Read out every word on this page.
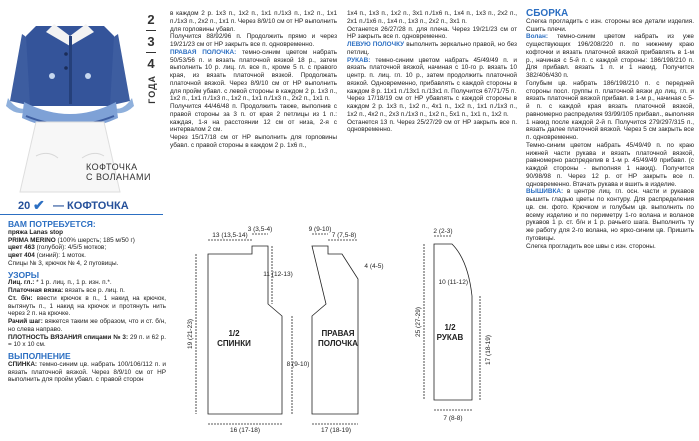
2
3
4
ГОДА
КОФТОЧКА
С ВОЛАНАМИ
20 ✔ — КОФТОЧКА
ВАМ ПОТРЕБУЕТСЯ:

пряжа Lanas stop

PRIMA MERINO (100% шерсть; 185 м/50 г)

цвет 463 (голубой): 4/5/5 мотков;

цвет 404 (синий): 1 моток.

Спицы № 3, крючок № 4, 2 пуговицы.

УЗОРЫ

Лиц. гл.: * 1 р. лиц. п., 1 р. изн. п.*.

Платочная вязка: вязать все р. лиц. п.

Ст. б/н: ввести крючок в п., 1 накид на крючок, вытянуть п., 1 накид на крючок и протянуть нить через 2 п. на крючке.

Рачий шаг: вяжется таким же образом, что и ст. б/н, но слева направо.

ПЛОТНОСТЬ ВЯЗАНИЯ спицами № 3: 29 п. и 62 р. = 10 х 10 см.

ВЫПОЛНЕНИЕ

СПИНКА: темно-синим цв. набрать 100/106/112 п. и вязать платочной вязкой. Через 8/9/10 см от НР выполнить для пройм убавл. с правой сторон

в каждом 2 р. 1х3 п., 1х2 п., 1х1 п./1х3 п., 1х2 п., 1х1 п./1х3 п., 2х2 п., 1х1 п. Через 8/9/10 см от НР выполнить для горловины убавл.

Получится 88/92/96 п. Продолжить прямо и через 19/21/23 см от НР закрыть все п. одновременно.

ПРАВАЯ ПОЛОЧКА: темно-синим цветом набрать 50/53/56 п. и вязать платочной вязкой 18 р., затем выполнить 10 р. лиц. гл. все п., кроме 5 п. с правого края, из вязать платочной вязкой. Продолжать платочной вязкой. Через 8/9/10 см от НР выполнить для пройм убавл. с левой стороны в каждом 2 р. 1х3 п., 1х2 п., 1х1 п./1х3 п., 1х2 п., 1х1 п./1х3 п., 2х2 п., 1х1 п.

Получится 44/46/48 п. Продолжить также, выполнив с правой стороны за 3 п. от края 2 петлицы из 1 п.: каждая, 1-я на расстоянии 12 см от низа, 2-я с интервалом 2 см.

Через 15/17/18 см от НР выполнить для горловины убавл. с правой стороны в каждом 2 р. 1х6 п.,

1х4 п., 1х3 п., 1х2 п., 3х1 п./1х6 п., 1х4 п., 1х3 п., 2х2 п., 2х1 п./1х6 п., 1х4 п., 1х3 п., 2х2 п., 3х1 п.

Останется 26/27/28 п. для плеча. Через 19/21/23 см от НР закрыть все п. одновременно.

ЛЕВУЮ ПОЛОЧКУ выполнить зеркально правой, но без петлиц.

РУКАВ: темно-синим цветом набрать 45/49/49 п. и вязать платочной вязкой, начиная с 10-го р. вязать 10 центр. п. лиц. гл. 10 р., затем продолжить платочной вязкой. Одновременно, прибавлять с каждой стороны в каждом 8 р. 11х1 п./13х1 п./13х1 п. Получится 67/71/75 п.

Через 17/18/19 см от НР убавлять с каждой стороны в каждом 2 р. 1х3 п., 1х2 п., 4х1 п., 1х2 п., 1х1 п./1х3 п., 1х2 п., 4х2 п., 2х3 п./1х3 п., 1х2 п., 5х1 п., 1х1 п., 1х2 п.

Останется 13 п. Через 25/27/29 см от НР закрыть все п. одновременно.

СБОРКА

Слегка прогладить с изн. стороны все детали изделия. Сшить плечи.

Волан: темно-синим цветом набрать из уже существующих 196/208/220 п. по нижнему краю кофточки и вязать платочной вязкой прибавлять в 1-м р., начиная с 5-й п. с каждой стороны: 186/198/210 п. Для прибавл. вязать 1 п. и 1 накид. Получится 382/406/430 п.

Голубым цв. набрать 186/198/210 п. с передней стороны посл. группы п. платочной вязки до лиц. гл. и вязать платочной вязкой прибавл. в 1-м р., начиная с 5-й п. с каждой края вязать платочной вязкой, равномерно распределяя 93/99/105 прибавл., выполняя 1 накид после каждой 2-й п. Получится 279/297/315 п., вязать далее платочной вязкой. Через 5 см закрыть все п. одновременно.

Темно-синим цветом набрать 45/49/49 п. по краю нижней части рукава и вязать платочной вязкой, равномерно распределив в 1-м р. 45/49/49 прибавл. (с каждой стороны - выполняя 1 накид). Получится 90/98/98 п. Через 12 р. от НР закрыть все п. одновременно. Втачать рукава и вшить в изделие.

ВЫШИВКА: в центре лиц. гл. осн. части и рукавов вышить гладью цветы по контуру. Для распределения цв. см. фото. Крючком и голубым цв. выполнить по всему изделию и по периметру 1-го волана и воланов рукавов 1 р. ст. б/н и 1 р. рачьего шага. Выполнить ту же работу для 2-го волана, но ярко-синим цв. Пришить пуговицы.

Слегка прогладить все швы с изн. стороны.

1/2
СПИНКИ
13 (13,5-14)
3 (3,5-4)
11 (12-13)
19 (21-23)
8 (9-10)
16 (17-18)
ПРАВАЯ
ПОЛОЧКА
9 (9-10)
7 (7,5-8)
4 (4-5)
17 (18-19)
1/2
РУКАВ
2 (2-3)
25 (27-29)
10 (11-12)
17 (18-19)
7 (8-8)
